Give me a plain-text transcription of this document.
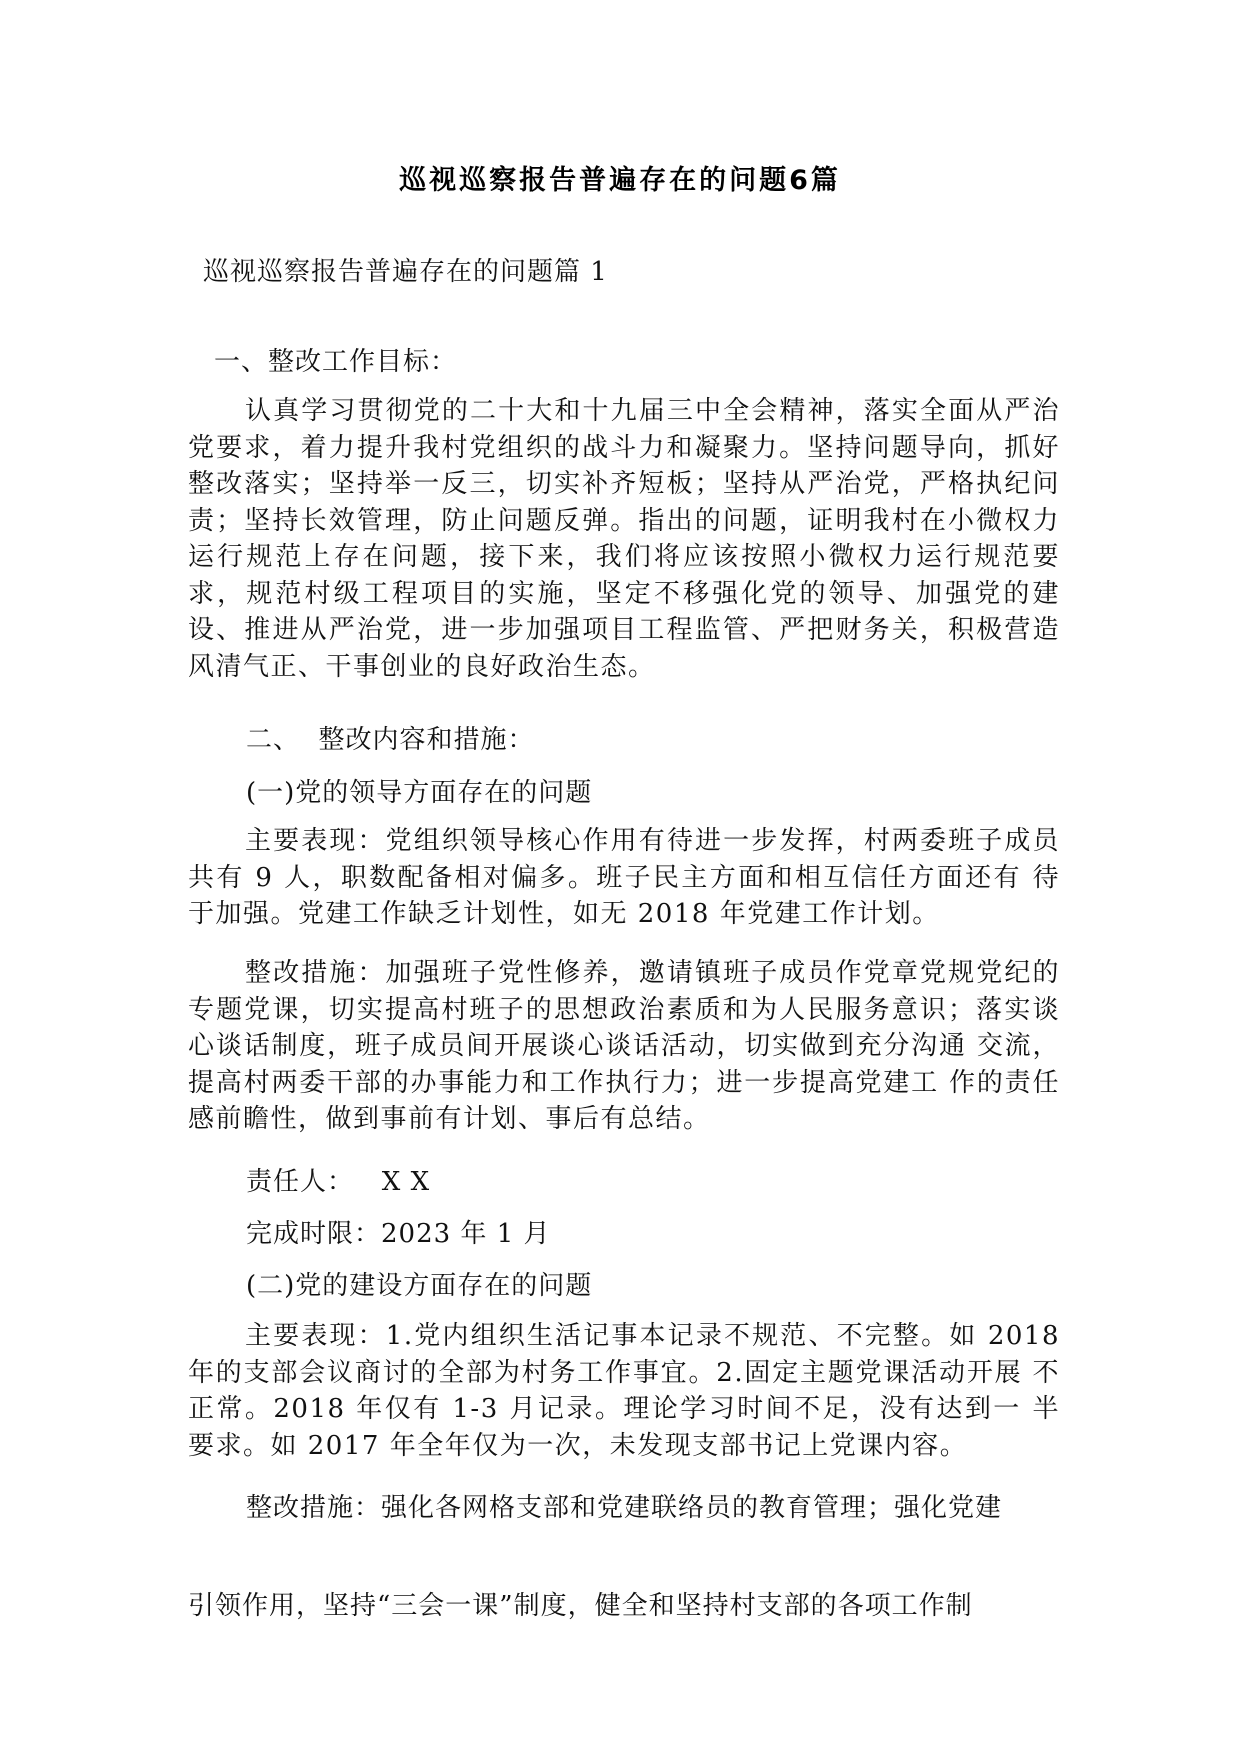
巡视巡察报告普遍存在的问题6篇
巡视巡察报告普遍存在的问题篇 1
一、整改工作目标：
认真学习贯彻党的二十大和十九届三中全会精神，落实全面从严治党要求，着力提升我村党组织的战斗力和凝聚力。坚持问题导向，抓好整改落实；坚持举一反三，切实补齐短板；坚持从严治党，严格执纪问责；坚持长效管理，防止问题反弹。指出的问题，证明我村在小微权力运行规范上存在问题，接下来，我们将应该按照小微权力运行规范要求，规范村级工程项目的实施，坚定不移强化党的领导、加强党的建设、推进从严治党，进一步加强项目工程监管、严把财务关，积极营造风清气正、干事创业的良好政治生态。
二、  整改内容和措施：
(一)党的领导方面存在的问题
主要表现：党组织领导核心作用有待进一步发挥，村两委班子成员共有 9 人，职数配备相对偏多。班子民主方面和相互信任方面还有 待于加强。党建工作缺乏计划性，如无 2018 年党建工作计划。
整改措施：加强班子党性修养，邀请镇班子成员作党章党规党纪的专题党课，切实提高村班子的思想政治素质和为人民服务意识；落实谈心谈话制度，班子成员间开展谈心谈话活动，切实做到充分沟通 交流，提高村两委干部的办事能力和工作执行力；进一步提高党建工 作的责任感前瞻性，做到事前有计划、事后有总结。
责任人：   X X
完成时限：2023 年 1 月
(二)党的建设方面存在的问题
主要表现：1.党内组织生活记事本记录不规范、不完整。如 2018 年的支部会议商讨的全部为村务工作事宜。2.固定主题党课活动开展 不正常。2018 年仅有 1-3 月记录。理论学习时间不足，没有达到一 半要求。如 2017 年全年仅为一次，未发现支部书记上党课内容。
整改措施：强化各网格支部和党建联络员的教育管理；强化党建
引领作用，坚持“三会一课”制度，健全和坚持村支部的各项工作制
